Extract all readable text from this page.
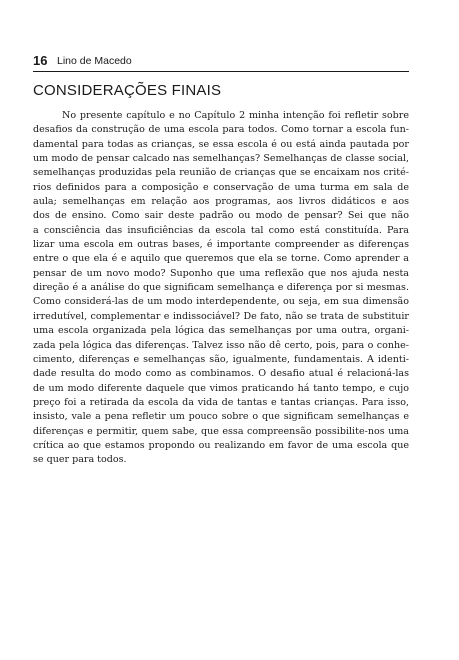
16 Lino de Macedo
CONSIDERAÇÕES FINAIS
No presente capítulo e no Capítulo 2 minha intenção foi refletir sobre
desafios da construção de uma escola para todos. Como tornar a escola fun-
damental para todas as crianças, se essa escola é ou está ainda pautada por
um modo de pensar calcado nas semelhanças? Semelhanças de classe social,
semelhanças produzidas pela reunião de crianças que se encaixam nos crité-
rios definidos para a composição e conservação de uma turma em sala de
aula; semelhanças em relação aos programas, aos livros didáticos e aos
dos de ensino. Como sair deste padrão ou modo de pensar? Sei que não
a consciência das insuficiências da escola tal como está constituída. Para
lizar uma escola em outras bases, é importante compreender as diferenças
entre o que ela é e aquilo que queremos que ela se torne. Como aprender a
pensar de um novo modo? Suponho que uma reflexão que nos ajuda nesta
direção é a análise do que significam semelhança e diferença por si mesmas.
Como considerá-las de um modo interdependente, ou seja, em sua dimensão
irredutível, complementar e indissociável? De fato, não se trata de substituir
uma escola organizada pela lógica das semelhanças por uma outra, organi-
zada pela lógica das diferenças. Talvez isso não dê certo, pois, para o conhe-
cimento, diferenças e semelhanças são, igualmente, fundamentais. A identi-
dade resulta do modo como as combinamos. O desafio atual é relacioná-las
de um modo diferente daquele que vimos praticando há tanto tempo, e cujo
preço foi a retirada da escola da vida de tantas e tantas crianças. Para isso,
insisto, vale a pena refletir um pouco sobre o que significam semelhanças e
diferenças e permitir, quem sabe, que essa compreensão possibilite-nos uma
crítica ao que estamos propondo ou realizando em favor de uma escola que
se quer para todos.
